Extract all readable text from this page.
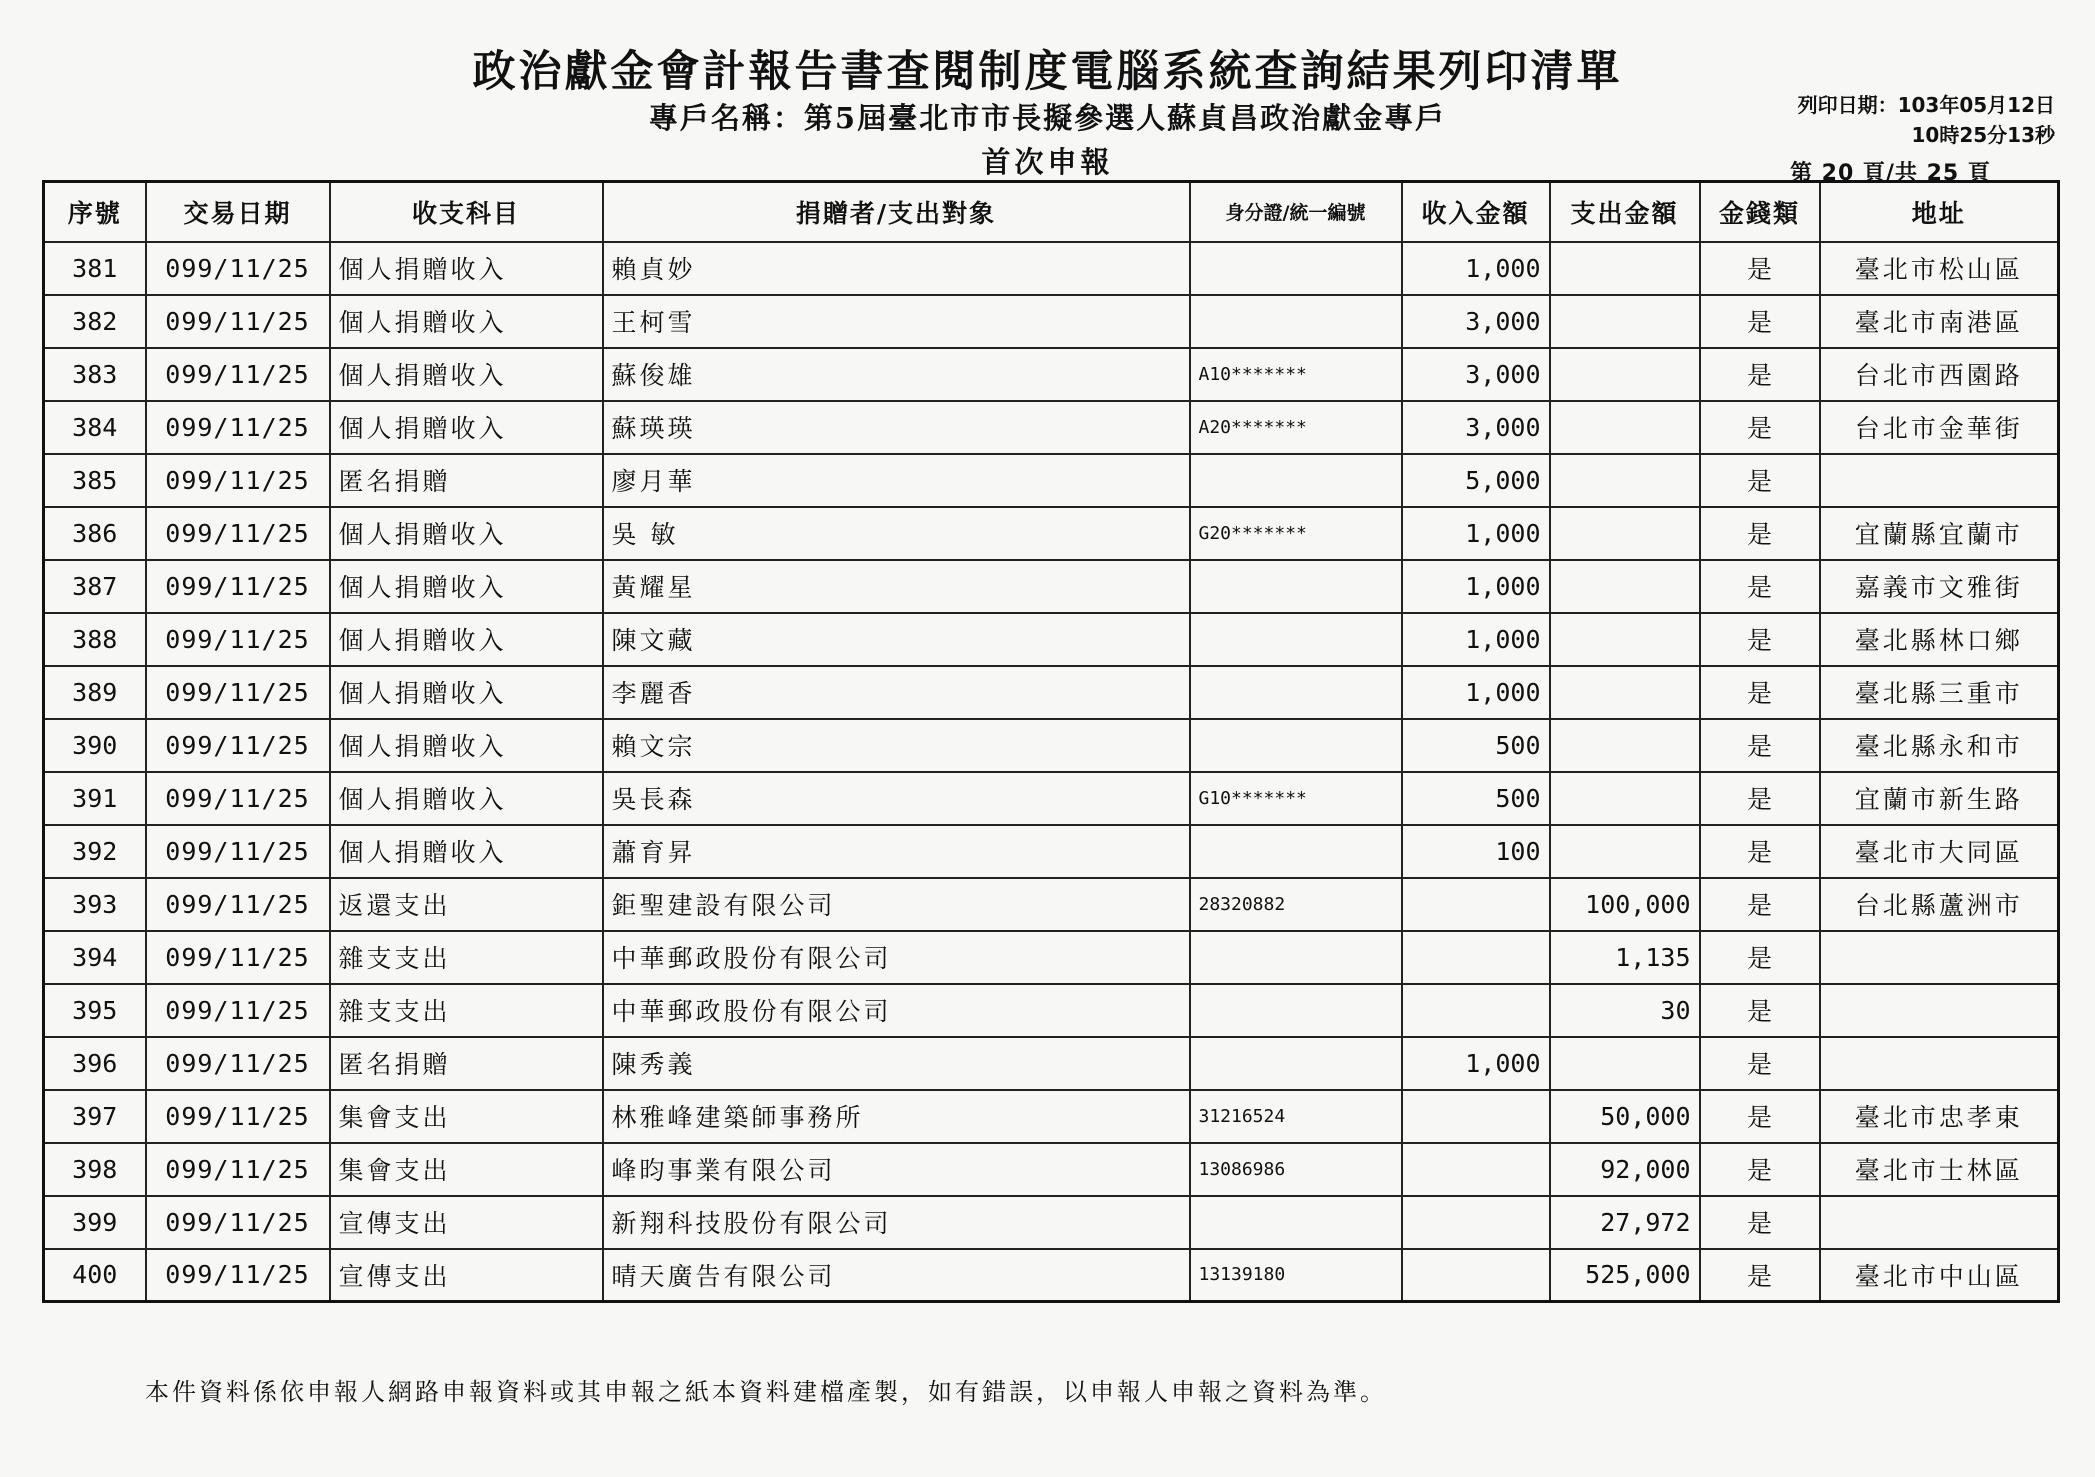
政治獻金會計報告書查閱制度電腦系統查詢結果列印清單
專戶名稱：第5屆臺北市市長擬參選人蘇貞昌政治獻金專戶
首次申報
列印日期：103年05月12日
10時25分13秒
第 20 頁/共 25 頁
序號	交易日期	收支科目	捐贈者/支出對象	身分證/統一編號	收入金額	支出金額	金錢類	地址
381	099/11/25	個人捐贈收入	賴貞妙		1,000		是	臺北市松山區
382	099/11/25	個人捐贈收入	王柯雪		3,000		是	臺北市南港區
383	099/11/25	個人捐贈收入	蘇俊雄	A10*******	3,000		是	台北市西園路
384	099/11/25	個人捐贈收入	蘇瑛瑛	A20*******	3,000		是	台北市金華街
385	099/11/25	匿名捐贈	廖月華		5,000		是	
386	099/11/25	個人捐贈收入	吳 敏	G20*******	1,000		是	宜蘭縣宜蘭市
387	099/11/25	個人捐贈收入	黃耀星		1,000		是	嘉義市文雅街
388	099/11/25	個人捐贈收入	陳文藏		1,000		是	臺北縣林口鄉
389	099/11/25	個人捐贈收入	李麗香		1,000		是	臺北縣三重市
390	099/11/25	個人捐贈收入	賴文宗		500		是	臺北縣永和市
391	099/11/25	個人捐贈收入	吳長森	G10*******	500		是	宜蘭市新生路
392	099/11/25	個人捐贈收入	蕭育昇		100		是	臺北市大同區
393	099/11/25	返還支出	鉅聖建設有限公司	28320882		100,000	是	台北縣蘆洲市
394	099/11/25	雜支支出	中華郵政股份有限公司			1,135	是	
395	099/11/25	雜支支出	中華郵政股份有限公司			30	是	
396	099/11/25	匿名捐贈	陳秀義		1,000		是	
397	099/11/25	集會支出	林雅峰建築師事務所	31216524		50,000	是	臺北市忠孝東
398	099/11/25	集會支出	峰昀事業有限公司	13086986		92,000	是	臺北市士林區
399	099/11/25	宣傳支出	新翔科技股份有限公司			27,972	是	
400	099/11/25	宣傳支出	晴天廣告有限公司	13139180		525,000	是	臺北市中山區
本件資料係依申報人網路申報資料或其申報之紙本資料建檔產製，如有錯誤，以申報人申報之資料為準。
